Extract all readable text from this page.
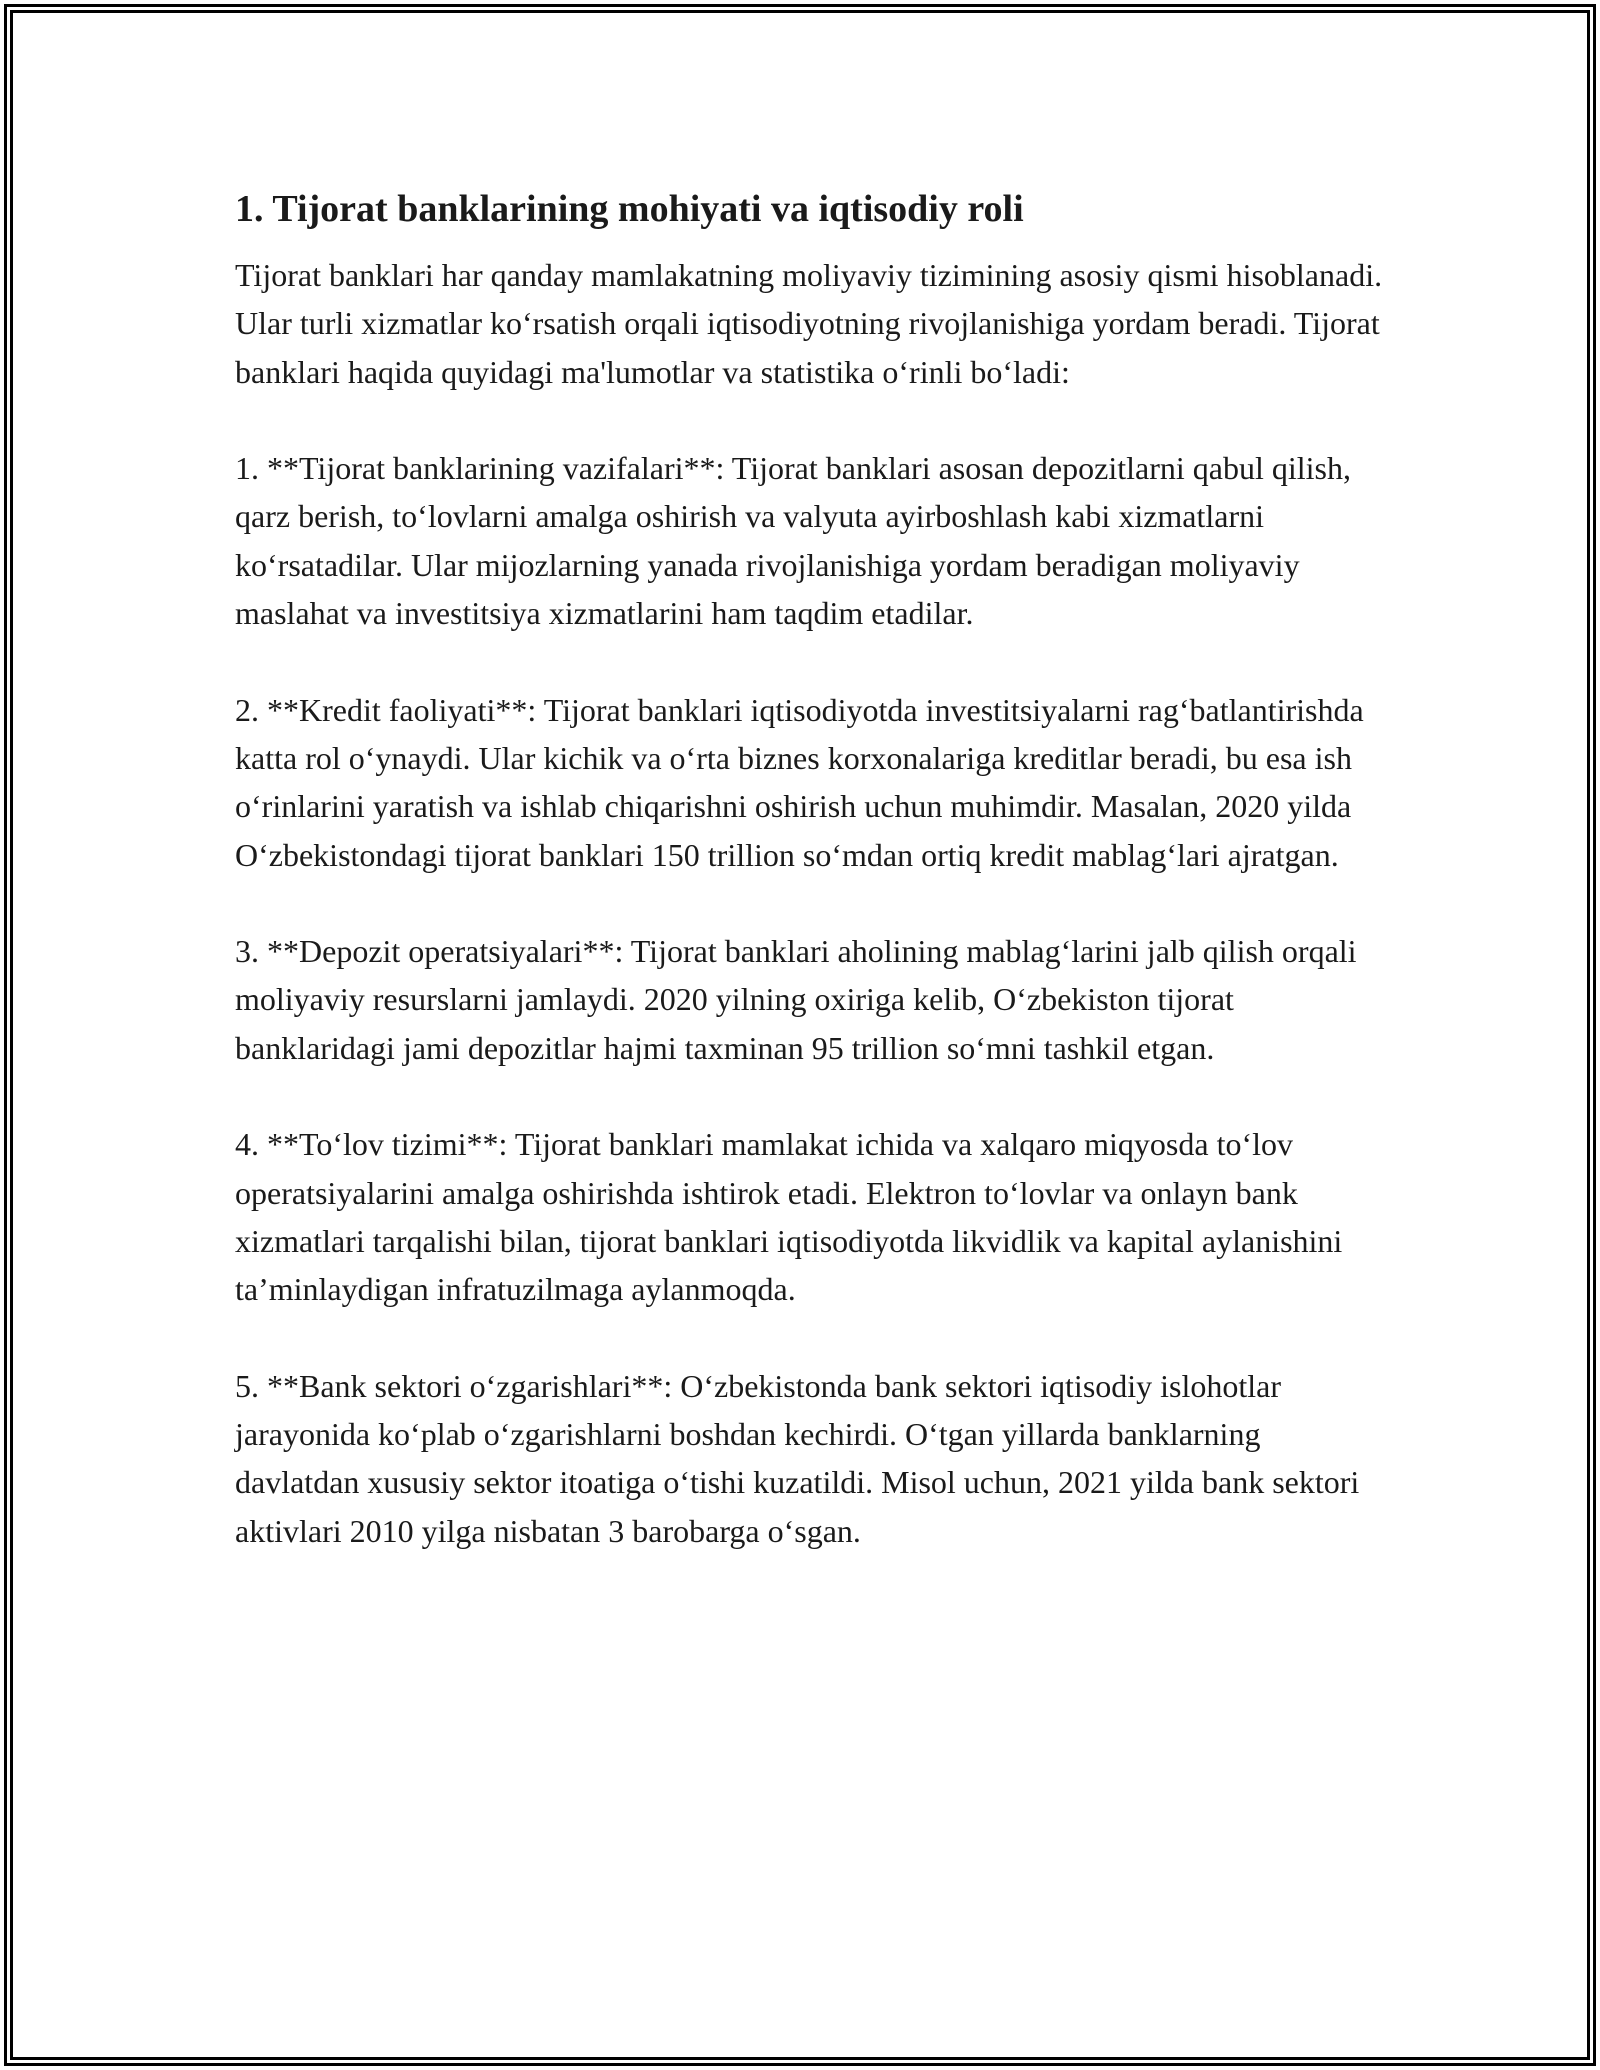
1. Tijorat banklarining mohiyati va iqtisodiy roli

Tijorat banklari har qanday mamlakatning moliyaviy tizimining asosiy qismi hisoblanadi. Ular turli xizmatlar ko‘rsatish orqali iqtisodiyotning rivojlanishiga yordam beradi. Tijorat banklari haqida quyidagi ma'lumotlar va statistika o‘rinli bo‘ladi:

1. **Tijorat banklarining vazifalari**: Tijorat banklari asosan depozitlarni qabul qilish, qarz berish, to‘lovlarni amalga oshirish va valyuta ayirboshlash kabi xizmatlarni ko‘rsatadilar. Ular mijozlarning yanada rivojlanishiga yordam beradigan moliyaviy maslahat va investitsiya xizmatlarini ham taqdim etadilar.

2. **Kredit faoliyati**: Tijorat banklari iqtisodiyotda investitsiyalarni rag‘batlantirishda katta rol o‘ynaydi. Ular kichik va o‘rta biznes korxonalariga kreditlar beradi, bu esa ish o‘rinlarini yaratish va ishlab chiqarishni oshirish uchun muhimdir. Masalan, 2020 yilda O‘zbekistondagi tijorat banklari 150 trillion so‘mdan ortiq kredit mablag‘lari ajratgan.

3. **Depozit operatsiyalari**: Tijorat banklari aholining mablag‘larini jalb qilish orqali moliyaviy resurslarni jamlaydi. 2020 yilning oxiriga kelib, O‘zbekiston tijorat banklaridagi jami depozitlar hajmi taxminan 95 trillion so‘mni tashkil etgan.

4. **To‘lov tizimi**: Tijorat banklari mamlakat ichida va xalqaro miqyosda to‘lov operatsiyalarini amalga oshirishda ishtirok etadi. Elektron to‘lovlar va onlayn bank xizmatlari tarqalishi bilan, tijorat banklari iqtisodiyotda likvidlik va kapital aylanishini ta’minlaydigan infratuzilmaga aylanmoqda.

5. **Bank sektori o‘zgarishlari**: O‘zbekistonda bank sektori iqtisodiy islohotlar jarayonida ko‘plab o‘zgarishlarni boshdan kechirdi. O‘tgan yillarda banklarning davlatdan xususiy sektor itoatiga o‘tishi kuzatildi. Misol uchun, 2021 yilda bank sektori aktivlari 2010 yilga nisbatan 3 barobarga o‘sgan.
